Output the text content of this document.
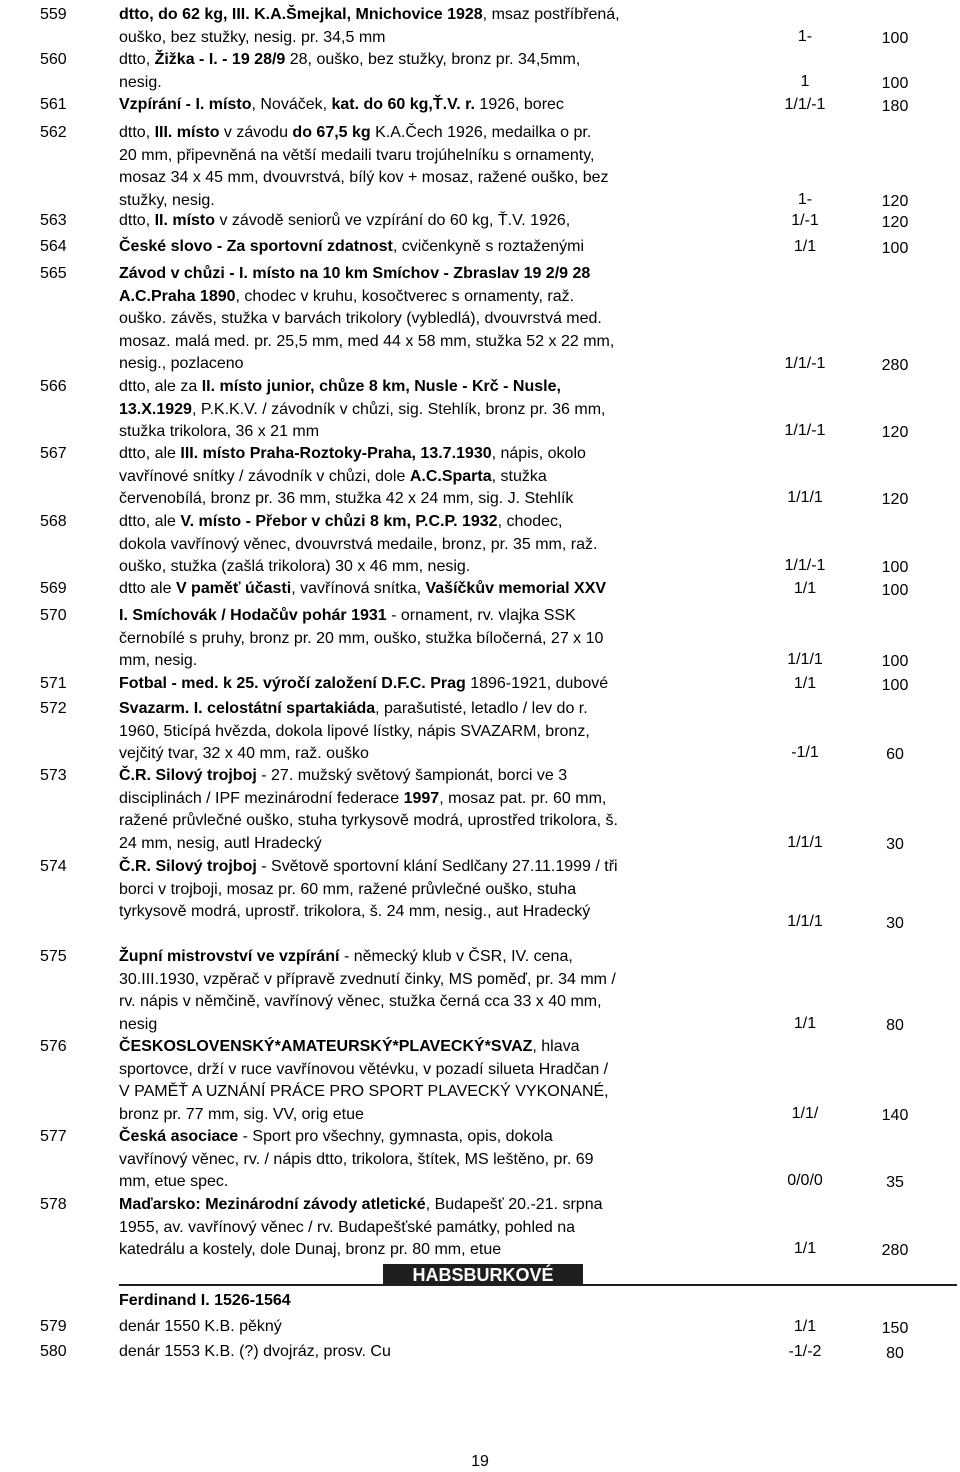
559	dtto, do 62 kg, III. K.A.Šmejkal, Mnichovice 1928, msaz postříbřená,
ouško, bez stužky, nesig. pr. 34,5 mm	1-	100
560	dtto, Žižka - I. - 19 28/9 28, ouško, bez stužky, bronz pr. 34,5mm,
nesig.	1	100
561	Vzpírání - I. místo, Nováček, kat. do 60 kg,Ť.V. r. 1926, borec	1/1/-1	180
562	dtto, III. místo v závodu do 67,5 kg K.A.Čech 1926, medailka o pr.
20 mm, připevněná na větší medaili tvaru trojúhelníku s ornamenty,
mosaz 34 x 45 mm, dvouvrstvá, bílý kov + mosaz, ražené ouško, bez
stužky, nesig.	1-	120
563	dtto, II. místo v závodě seniorů ve vzpírání do 60 kg, Ť.V. 1926,	1/-1	120
564	České slovo - Za sportovní zdatnost, cvičenkyně s roztaženými	1/1	100
565	Závod v chůzi - I. místo na 10 km Smíchov - Zbraslav 19 2/9 28
A.C.Praha 1890, chodec v kruhu, kosočtverec s ornamenty, raž.
ouško. závěs, stužka v barvách trikolory (vybledlá), dvouvrstvá med.
mosaz. malá med. pr. 25,5 mm, med 44 x 58 mm, stužka 52 x 22 mm,
nesig., pozlaceno	1/1/-1	280
566	dtto, ale za II. místo junior, chůze 8 km, Nusle - Krč - Nusle,
13.X.1929, P.K.K.V. / závodník v chůzi, sig. Stehlík, bronz pr. 36 mm,
stužka trikolora, 36 x 21 mm	1/1/-1	120
567	dtto, ale III. místo Praha-Roztoky-Praha, 13.7.1930, nápis, okolo
vavřínové snítky / závodník v chůzi, dole A.C.Sparta, stužka
červenobílá, bronz pr. 36 mm, stužka 42 x 24 mm, sig. J. Stehlík	1/1/1	120
568	dtto, ale V. místo - Přebor v chůzi 8 km, P.C.P. 1932, chodec,
dokola vavřínový věnec, dvouvrstvá medaile, bronz, pr. 35 mm, raž.
ouško, stužka (zašlá trikolora) 30 x 46 mm, nesig.	1/1/-1	100
569	dtto ale V paměť účasti, vavřínová snítka, Vašíčkův memorial XXV	1/1	100
570	I. Smíchovák / Hodačův pohár 1931 - ornament, rv. vlajka SSK
černobílé s pruhy, bronz pr. 20 mm, ouško, stužka bíločerná, 27 x 10
mm, nesig.	1/1/1	100
571	Fotbal - med. k 25. výročí založení D.F.C. Prag 1896-1921, dubové	1/1	100
572	Svazarm. I. celostátní spartakiáda, parašutisté, letadlo / lev do r.
1960, 5ticípá hvězda, dokola lipové lístky, nápis SVAZARM, bronz,
vejčitý tvar, 32 x 40 mm, raž. ouško	-1/1	60
573	Č.R. Silový trojboj - 27. mužský světový šampionát, borci ve 3
disciplinách / IPF mezinárodní federace 1997, mosaz pat. pr. 60 mm,
ražené průvlečné ouško, stuha tyrkysově modrá, uprostřed trikolora, š.
24 mm, nesig, autl Hradecký	1/1/1	30
574	Č.R. Silový trojboj - Světově sportovní klání Sedlčany 27.11.1999 / tři
borci v trojboji, mosaz pr. 60 mm, ražené průvlečné ouško, stuha
tyrkysově modrá, uprostř. trikolora, š. 24 mm, nesig., aut Hradecký
1/1/1	30
575	Župní mistrovství ve vzpírání - německý klub v ČSR, IV. cena,
30.III.1930, vzpěrač v přípravě zvednutí činky, MS poměď, pr. 34 mm /
rv. nápis v němčině, vavřínový věnec, stužka černá cca 33 x 40 mm,
nesig	1/1	80
576	ČESKOSLOVENSKÝ*AMATEURSKÝ*PLAVECKÝ*SVAZ, hlava
sportovce, drží v ruce vavřínovou větévku, v pozadí silueta Hradčan /
V PAMĚŤ A UZNÁNÍ PRÁCE PRO SPORT PLAVECKÝ VYKONANÉ,
bronz pr. 77 mm, sig. VV, orig etue	1/1/	140
577	Česká asociace - Sport pro všechny, gymnasta, opis, dokola
vavřínový věnec, rv. / nápis dtto, trikolora, štítek, MS leštěno, pr. 69
mm, etue spec.	0/0/0	35
578	Maďarsko: Mezinárodní závody atletické, Budapešť 20.-21. srpna
1955, av. vavřínový věnec / rv. Budapešťské památky, pohled na
katedrálu a kostely, dole Dunaj, bronz pr. 80 mm, etue	1/1	280
579	denár 1550 K.B. pěkný	1/1	150
580	denár 1553 K.B. (?) dvojráz, prosv. Cu	-1/-2	80
HABSBURKOVÉ
Ferdinand I. 1526-1564
19
